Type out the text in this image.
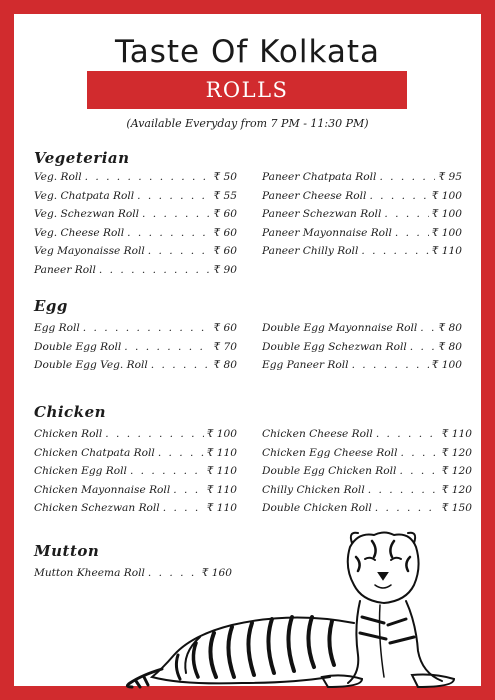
Taste Of Kolkata
ROLLS
(Available Everyday from 7 PM - 11:30 PM)
Vegeterian
Veg. Roll . . .	₹ 50
Veg. Chatpata Roll . . .	₹ 55
Veg. Schezwan Roll . . .	₹ 60
Veg. Cheese Roll . . .	₹ 60
Veg Mayonaisse Roll . . .	₹ 60
Paneer Roll . . .	₹ 90
Paneer Chatpata Roll . . .	₹ 95
Paneer Cheese Roll . . .	₹ 100
Paneer Schezwan Roll . . .	₹ 100
Paneer Mayonnaise Roll . . .	₹ 100
Paneer Chilly Roll . . .	₹ 110
Egg
Egg Roll . . .	₹ 60
Double Egg Roll . . .	₹ 70
Double Egg Veg. Roll . . .	₹ 80
Double Egg Mayonnaise Roll . . . ₹ 80
Double Egg Schezwan Roll . . .	₹ 80
Egg Paneer Roll . . .	₹ 100
Chicken
Chicken Roll . . .	₹ 100
Chicken Chatpata Roll . . .	₹ 110
Chicken Egg Roll . . .	₹ 110
Chicken Mayonnaise Roll . . .	₹ 110
Chicken Schezwan Roll . . .	₹ 110
Chicken Cheese Roll . . .	₹ 110
Chicken Egg Cheese Roll . . .	₹ 120
Double Egg Chicken Roll . . .	₹ 120
Chilly Chicken Roll . . .	₹ 120
Double Chicken Roll . . .	₹ 150
Mutton
Mutton Kheema Roll . . .	₹ 160
